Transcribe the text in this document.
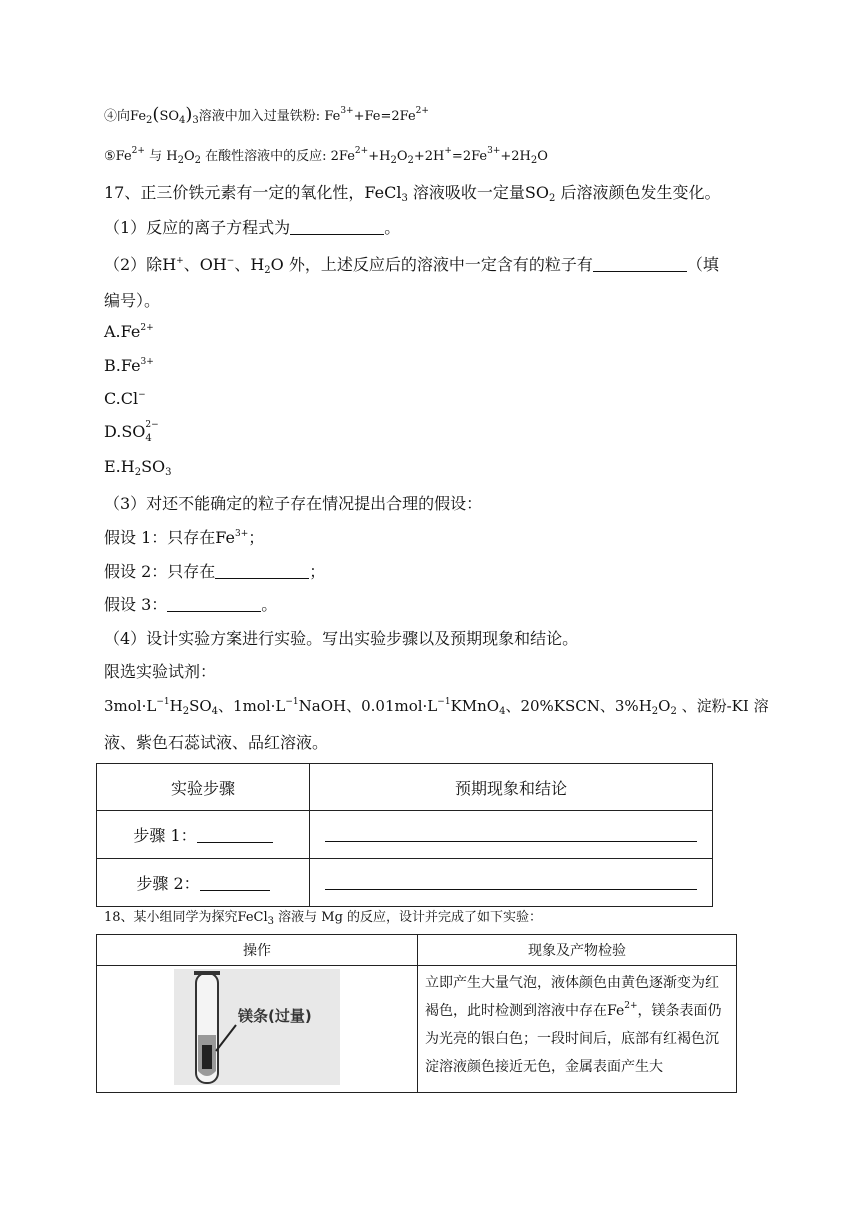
④向$Fe_2(SO_4)_3$溶液中加入过量铁粉: $Fe^{3+}+Fe=2Fe^{2+}$
$⑤Fe^{2+}$ 与 $H_2O_2$ 在酸性溶液中的反应: $2Fe^{2+}+H_2O_2+2H^+=2Fe^{3+}+2H_2O$
17、正三价铁元素有一定的氧化性，FeCl$_3$ 溶液吸收一定量$SO_2$ 后溶液颜色发生变化。
（1）反应的离子方程式为	。
（2）除H+、OH−、$H_2O$ 外，上述反应后的溶液中一定含有的粒子有	（填
编号）。
$A.Fe^{2+}$
$B.Fe^{3+}$
C.Cl−
D.SO 2−
4
$E.H_2SO_3$
（3）对还不能确定的粒子存在情况提出合理的假设：
假设 1：只存在$Fe^{3+}$；
假设 2：只存在	；
假设 3：	。
（4）设计实验方案进行实验。写出实验步骤以及预期现象和结论。
限选实验试剂：
$3mol\cdot L^{-1}H_2SO_4$、$1mol\cdot L^{-1}NaOH$、$0.01mol\cdot L^{-1}KMnO_4$、20%KSCN、$3\%H_2O_2$ 、淀粉-KI 溶
液、紫色石蕊试液、品红溶液。
实验步骤	预期现象和结论
步骤 1：	
步骤 2：	
18、某小组同学为探究FeCl$_3$ 溶液与 Mg 的反应，设计并完成了如下实验：
操作	现象及产物检验

镁条(过量)	立即产生大量气泡，液体颜色由黄色逐渐变为红褐色，此时检测到溶液中存在$Fe^{2+}$，镁条表面仍为光亮的银白色；一段时间后，底部有红褐色沉淀溶液颜色接近无色，金属表面产生大
